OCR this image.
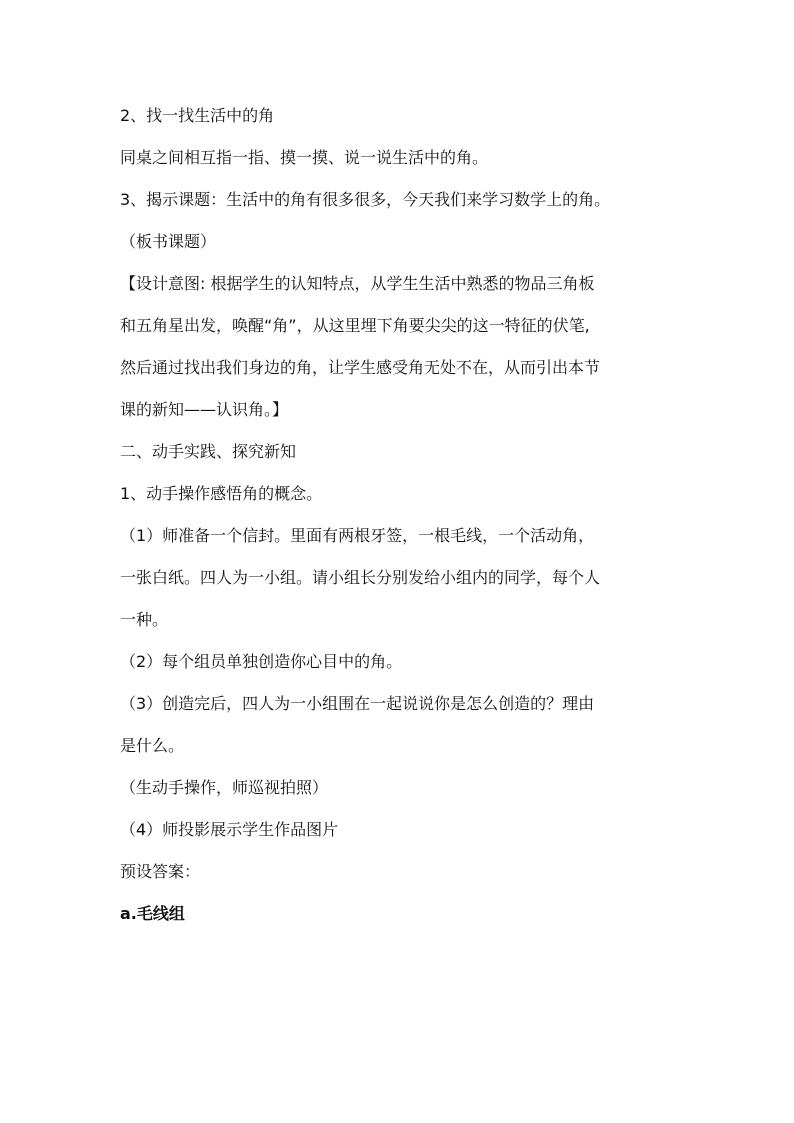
2、找一找生活中的角
同桌之间相互指一指、摸一摸、说一说生活中的角。
3、揭示课题：生活中的角有很多很多，今天我们来学习数学上的角。
（板书课题）
【设计意图: 根据学生的认知特点，从学生生活中熟悉的物品三角板
和五角星出发，唤醒“角”，从这里埋下角要尖尖的这一特征的伏笔,
然后通过找出我们身边的角，让学生感受角无处不在，从而引出本节
课的新知——认识角。】
二、动手实践、探究新知
1、动手操作感悟角的概念。
（1）师准备一个信封。里面有两根牙签，一根毛线，一个活动角，
一张白纸。四人为一小组。请小组长分别发给小组内的同学，每个人
一种。
（2）每个组员单独创造你心目中的角。
（3）创造完后，四人为一小组围在一起说说你是怎么创造的？理由
是什么。
（生动手操作，师巡视拍照）
（4）师投影展示学生作品图片
预设答案：
a.毛线组
